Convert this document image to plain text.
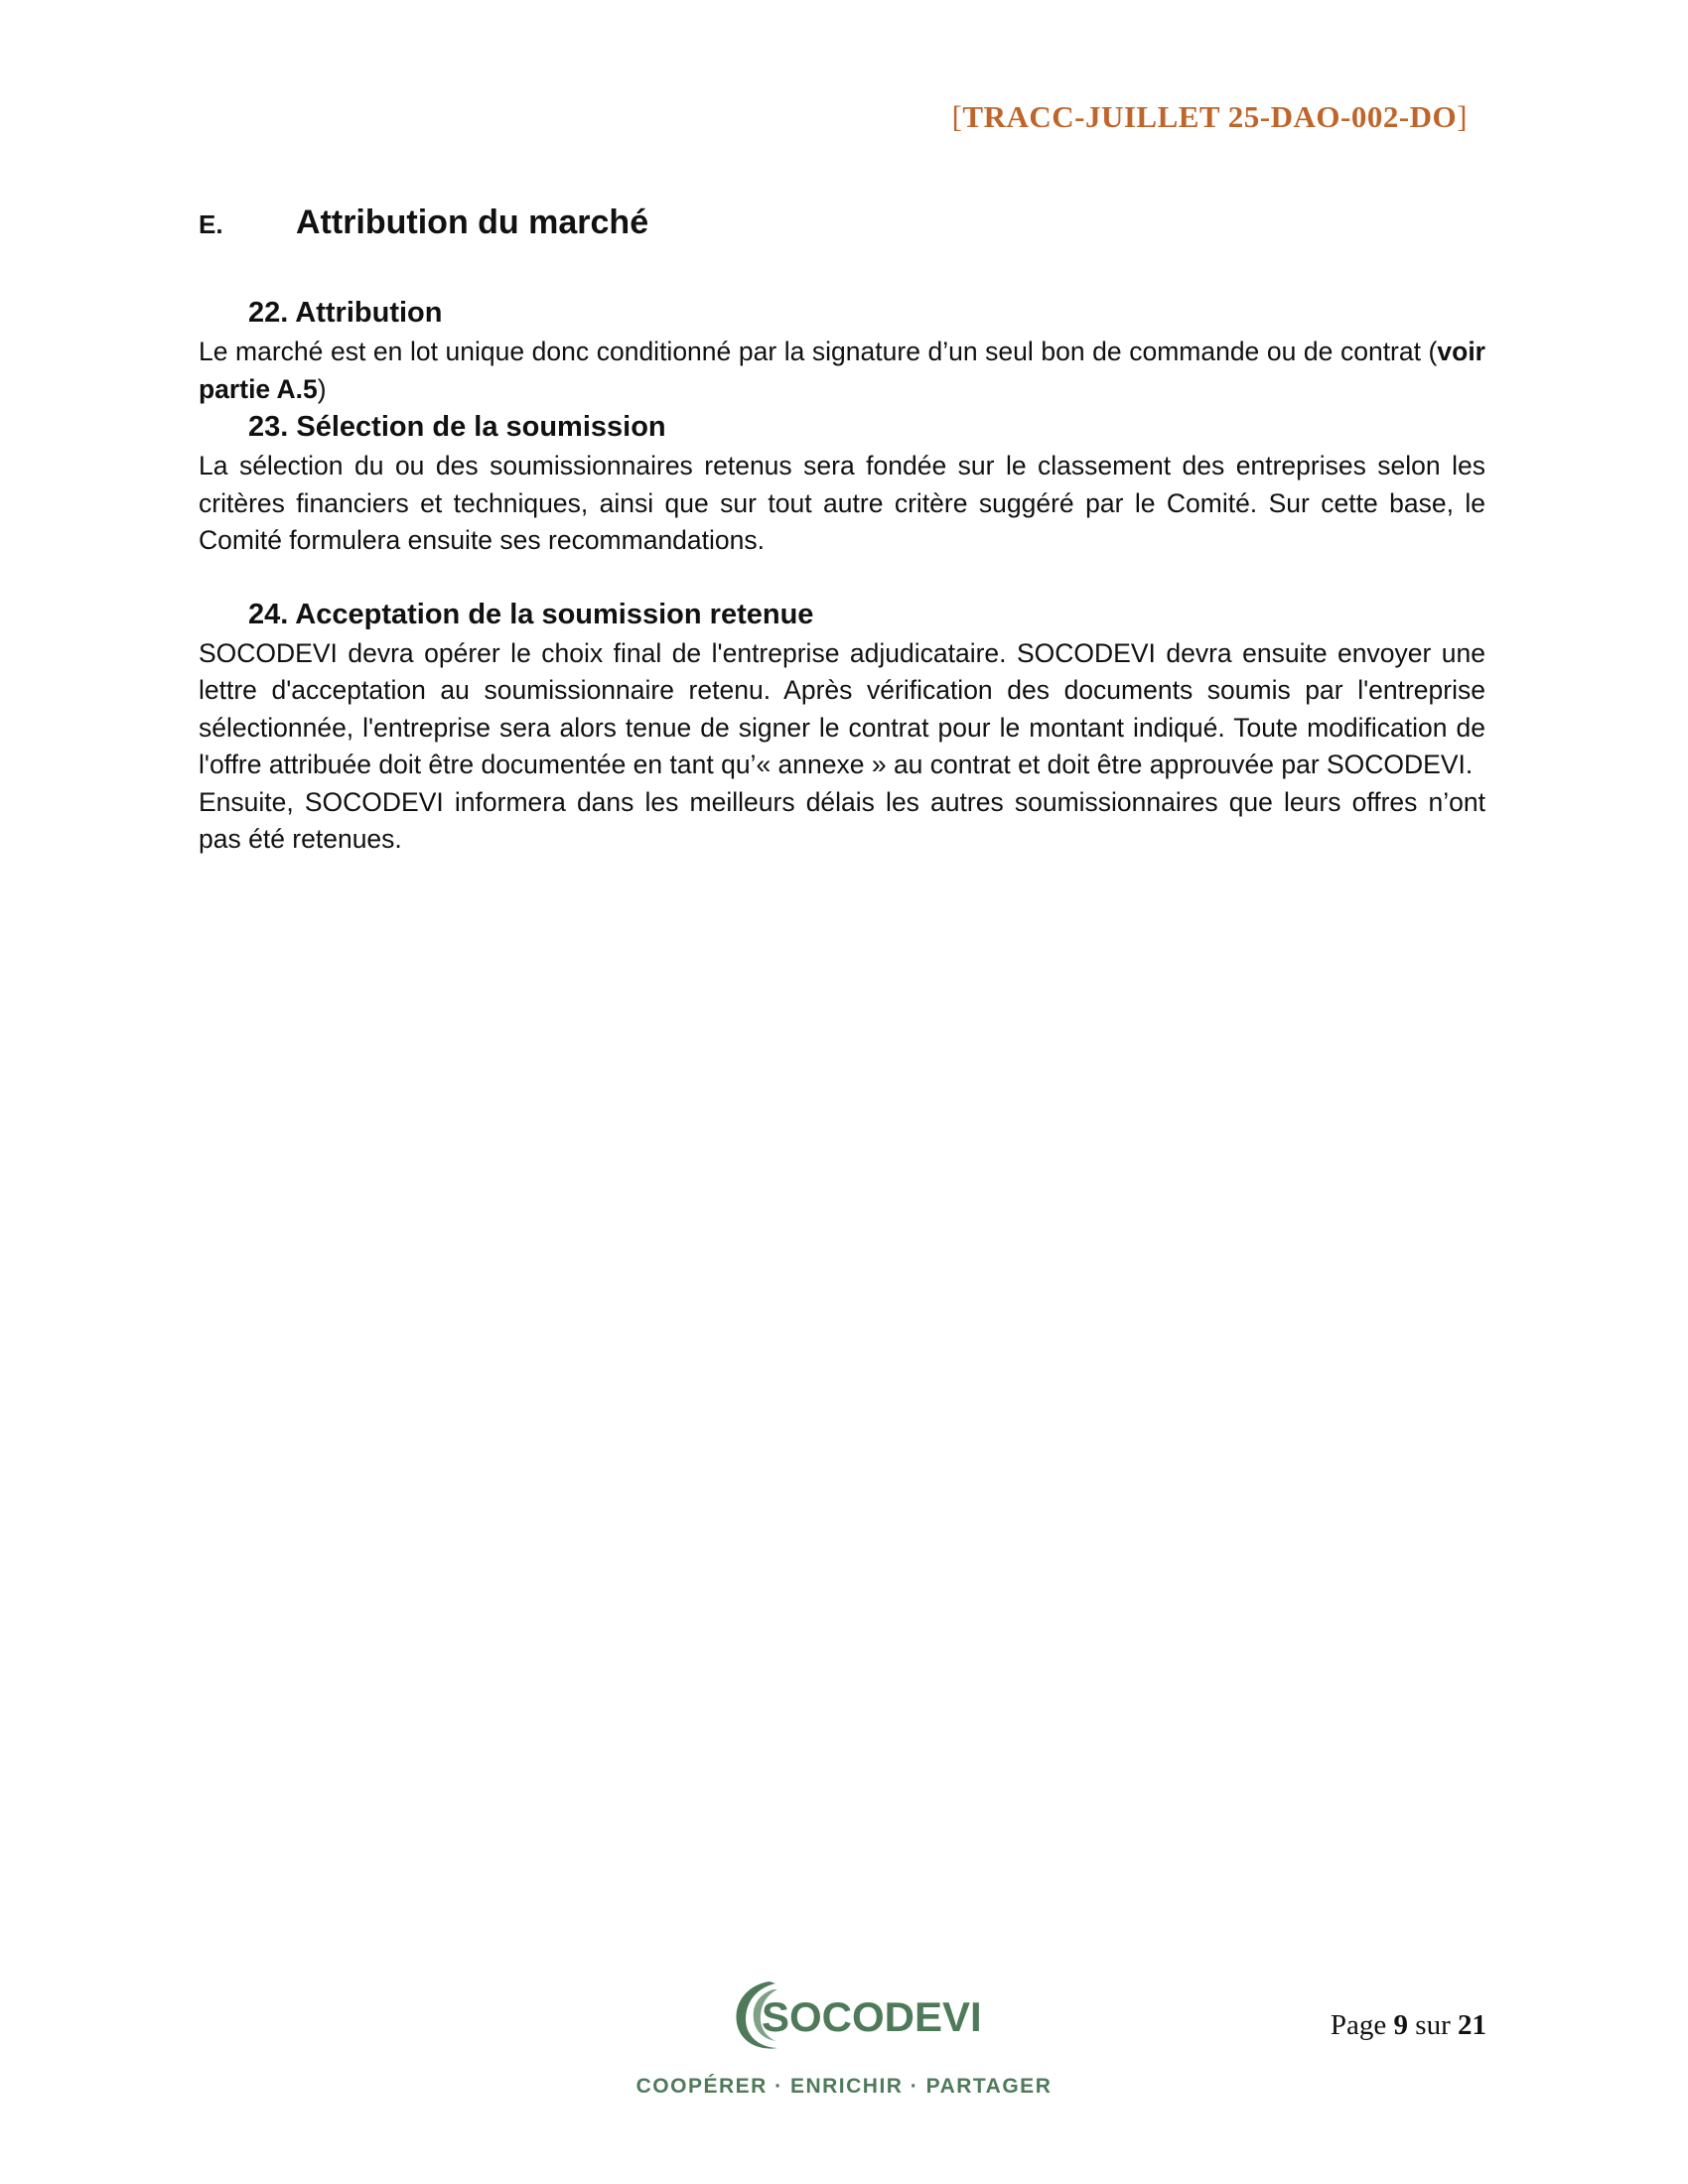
[TRACC-JUILLET 25-DAO-002-DO]
E.	Attribution du marché
22. Attribution

Le marché est en lot unique donc conditionné par la signature d’un seul bon de commande ou de contrat (voir partie A.5)

23. Sélection de la soumission

La sélection du ou des soumissionnaires retenus sera fondée sur le classement des entreprises selon les critères financiers et techniques, ainsi que sur tout autre critère suggéré par le Comité. Sur cette base, le Comité formulera ensuite ses recommandations.

24. Acceptation de la soumission retenue

SOCODEVI devra opérer le choix final de l'entreprise adjudicataire. SOCODEVI devra ensuite envoyer une lettre d'acceptation au soumissionnaire retenu. Après vérification des documents soumis par l'entreprise sélectionnée, l'entreprise sera alors tenue de signer le contrat pour le montant indiqué. Toute modification de l'offre attribuée doit être documentée en tant qu’« annexe » au contrat et doit être approuvée par SOCODEVI.

Ensuite, SOCODEVI informera dans les meilleurs délais les autres soumissionnaires que leurs offres n’ont pas été retenues.

SOCODEVI
COOPÉRER · ENRICHIR · PARTAGER
Page 9 sur 21
